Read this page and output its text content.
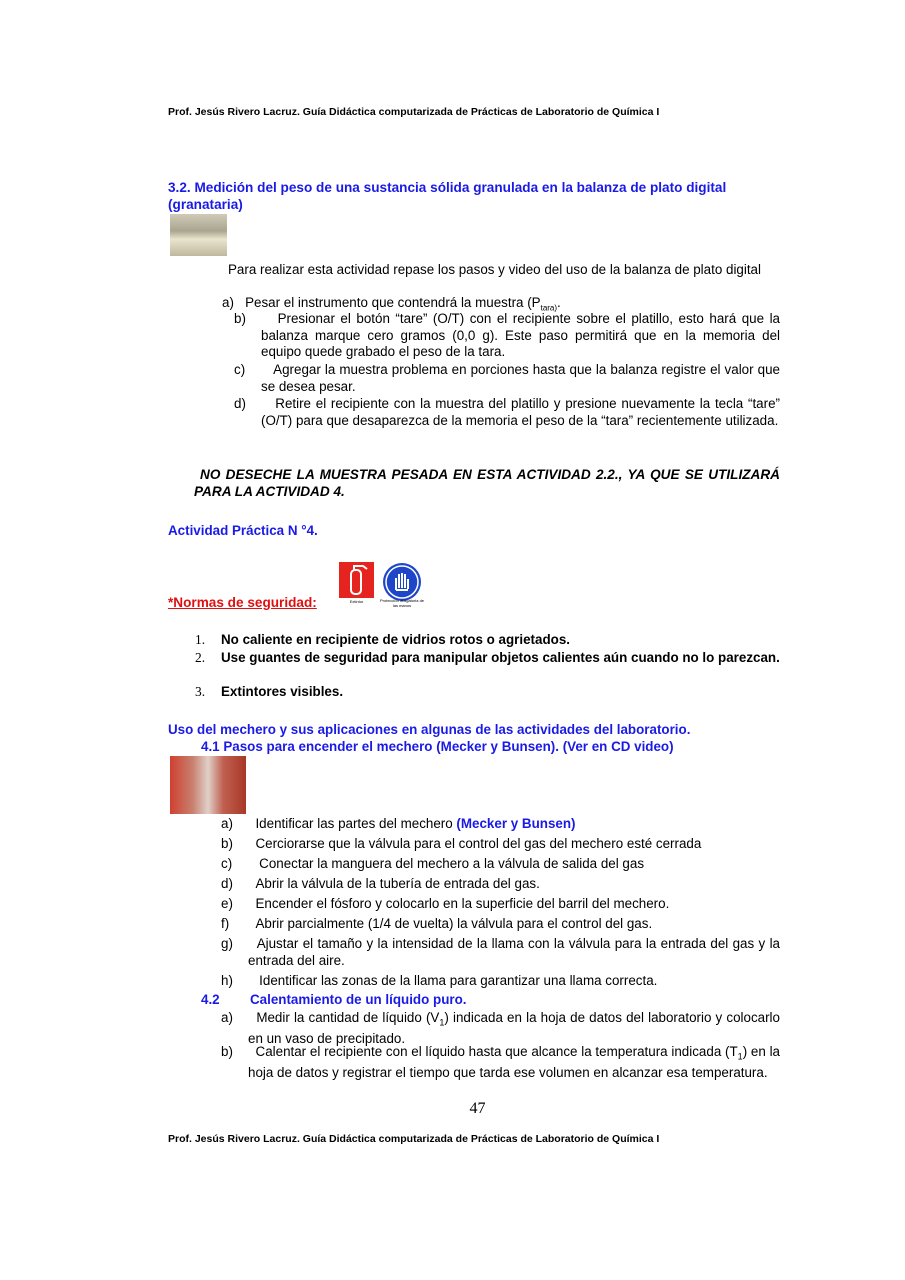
Prof. Jesús Rivero Lacruz. Guía Didáctica computarizada de Prácticas de Laboratorio de Química I
3.2. Medición del peso de una sustancia sólida granulada en la balanza de plato digital (granataria)
Para realizar esta actividad repase los pasos y video del uso de la balanza de plato digital
a) Pesar el instrumento que contendrá la muestra ($P_{tara)}$.
b) Presionar el botón “tare” (O/T) con el recipiente sobre el platillo, esto hará que la balanza marque cero gramos (0,0 g). Este paso permitirá que en la memoria del equipo quede grabado el peso de la tara.
c) Agregar la muestra problema en porciones hasta que la balanza registre el valor que se desea pesar.
d) Retire el recipiente con la muestra del platillo y presione nuevamente la tecla “tare” (O/T) para que desaparezca de la memoria el peso de la “tara” recientemente utilizada.
NO DESECHE LA MUESTRA PESADA EN ESTA ACTIVIDAD 2.2., YA QUE SE UTILIZARÁ PARA LA ACTIVIDAD 4.
Actividad Práctica N °4.
*Normas de seguridad:	Extintor	Protección obligatoria de las manos
1. No caliente en recipiente de vidrios rotos o agrietados.
2. Use guantes de seguridad para manipular objetos calientes aún cuando no lo parezcan.
3. Extintores visibles.
Uso del mechero y sus aplicaciones en algunas de las actividades del laboratorio.
4.1 Pasos para encender el mechero (Mecker y Bunsen). (Ver en CD video)
a) Identificar las partes del mechero (Mecker y Bunsen)
b) Cerciorarse que la válvula para el control del gas del mechero esté cerrada
c) Conectar la manguera del mechero a la válvula de salida del gas
d) Abrir la válvula de la tubería de entrada del gas.
e) Encender el fósforo y colocarlo en la superficie del barril del mechero.
f) Abrir parcialmente (1/4 de vuelta) la válvula para el control del gas.
g) Ajustar el tamaño y la intensidad de la llama con la válvula para la entrada del gas y la entrada del aire.
h) Identificar las zonas de la llama para garantizar una llama correcta.
4.2 Calentamiento de un líquido puro.
a) Medir la cantidad de líquido $(V_1)$ indicada en la hoja de datos del laboratorio y colocarlo en un vaso de precipitado.
b) Calentar el recipiente con el líquido hasta que alcance la temperatura indicada $(T_1)$ en la hoja de datos y registrar el tiempo que tarda ese volumen en alcanzar esa temperatura.
47
Prof. Jesús Rivero Lacruz. Guía Didáctica computarizada de Prácticas de Laboratorio de Química I
